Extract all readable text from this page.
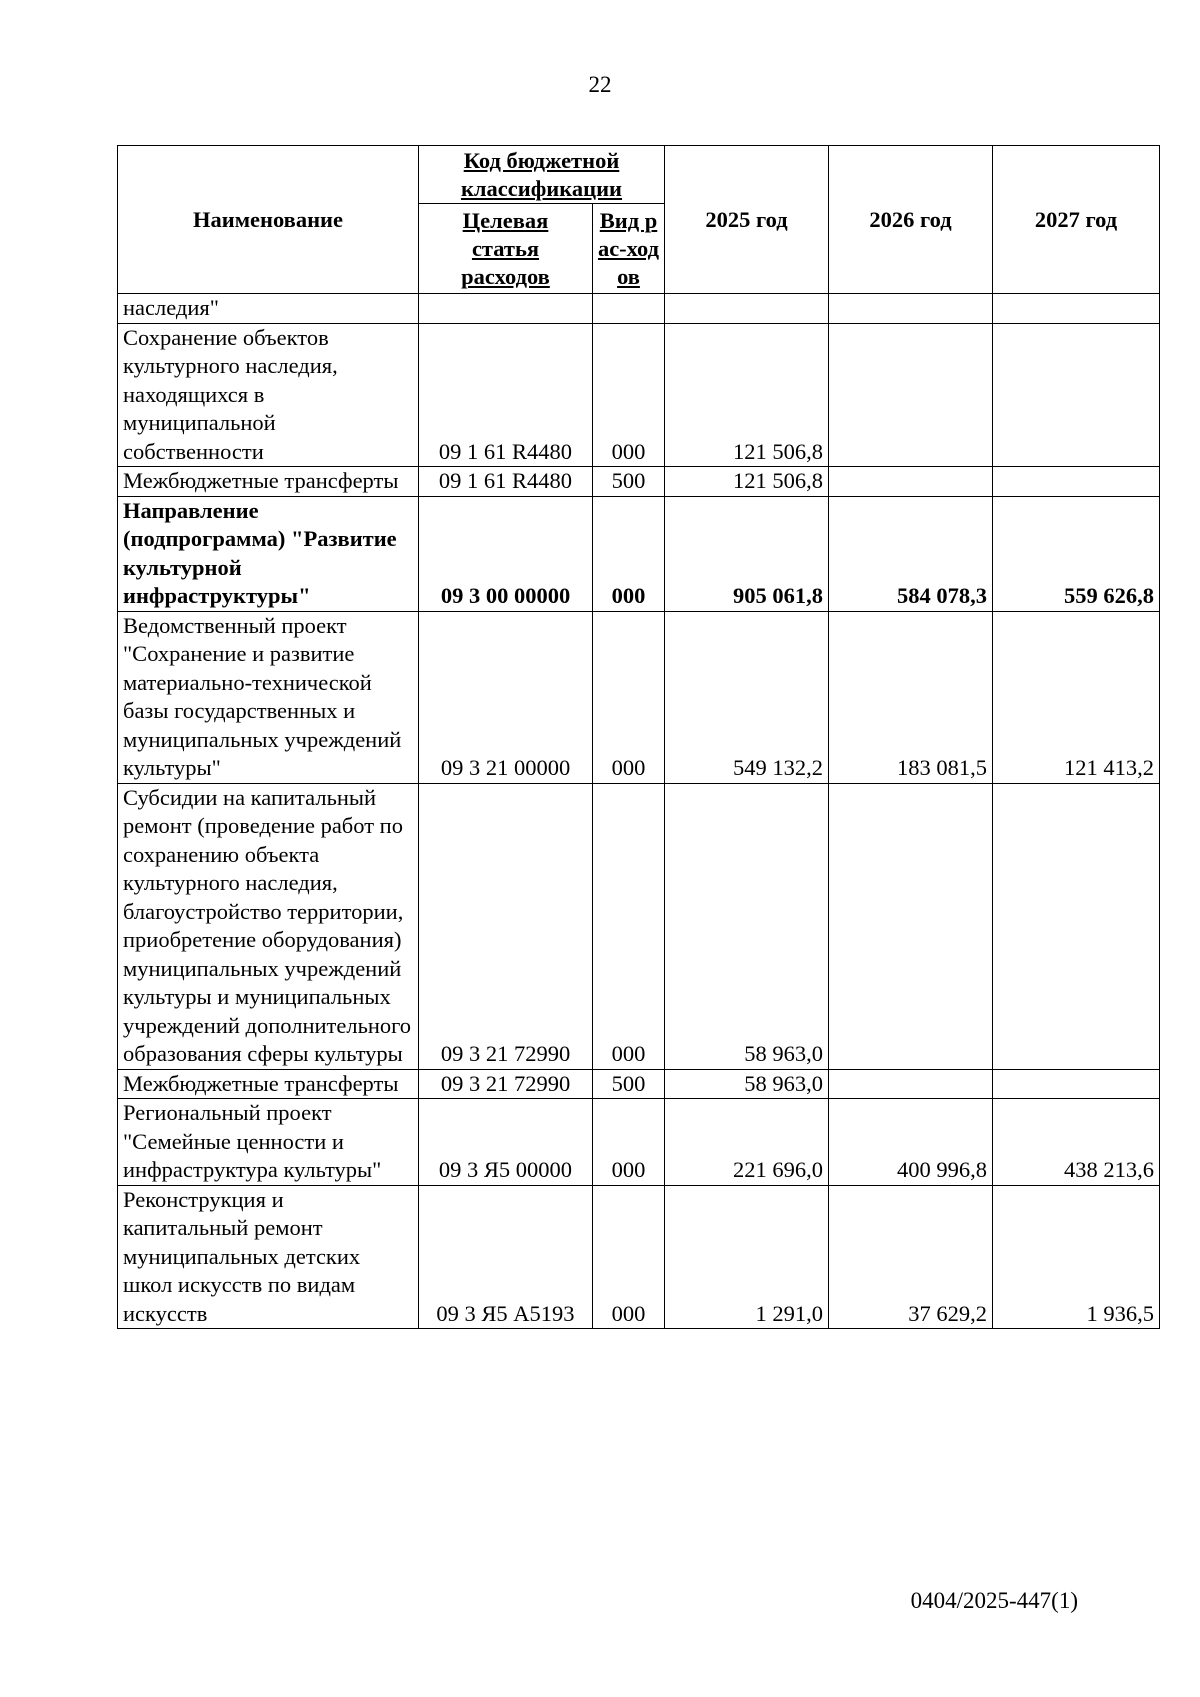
22
Наименование	Код бюджетной классификации		2025 год	2026 год	2027 год
	Целевая статья расходов	Вид рас-ходов			
наследия"					
Сохранение объектов культурного наследия, находящихся в муниципальной собственности	09 1 61 R4480	000	121 506,8		
Межбюджетные трансферты	09 1 61 R4480	500	121 506,8		
Направление (подпрограмма) "Развитие культурной инфраструктуры"	09 3 00 00000	000	905 061,8	584 078,3	559 626,8
Ведомственный проект "Сохранение и развитие материально-технической базы государственных и муниципальных учреждений культуры"	09 3 21 00000	000	549 132,2	183 081,5	121 413,2
Субсидии на капитальный ремонт (проведение работ по сохранению объекта культурного наследия, благоустройство территории, приобретение оборудования) муниципальных учреждений культуры и муниципальных учреждений дополнительного образования сферы культуры	09 3 21 72990	000	58 963,0		
Межбюджетные трансферты	09 3 21 72990	500	58 963,0		
Региональный проект "Семейные ценности и инфраструктура культуры"	09 3 Я5 00000	000	221 696,0	400 996,8	438 213,6
Реконструкция и капитальный ремонт муниципальных детских школ искусств по видам искусств	09 3 Я5 А5193	000	1 291,0	37 629,2	1 936,5
0404/2025-447(1)
